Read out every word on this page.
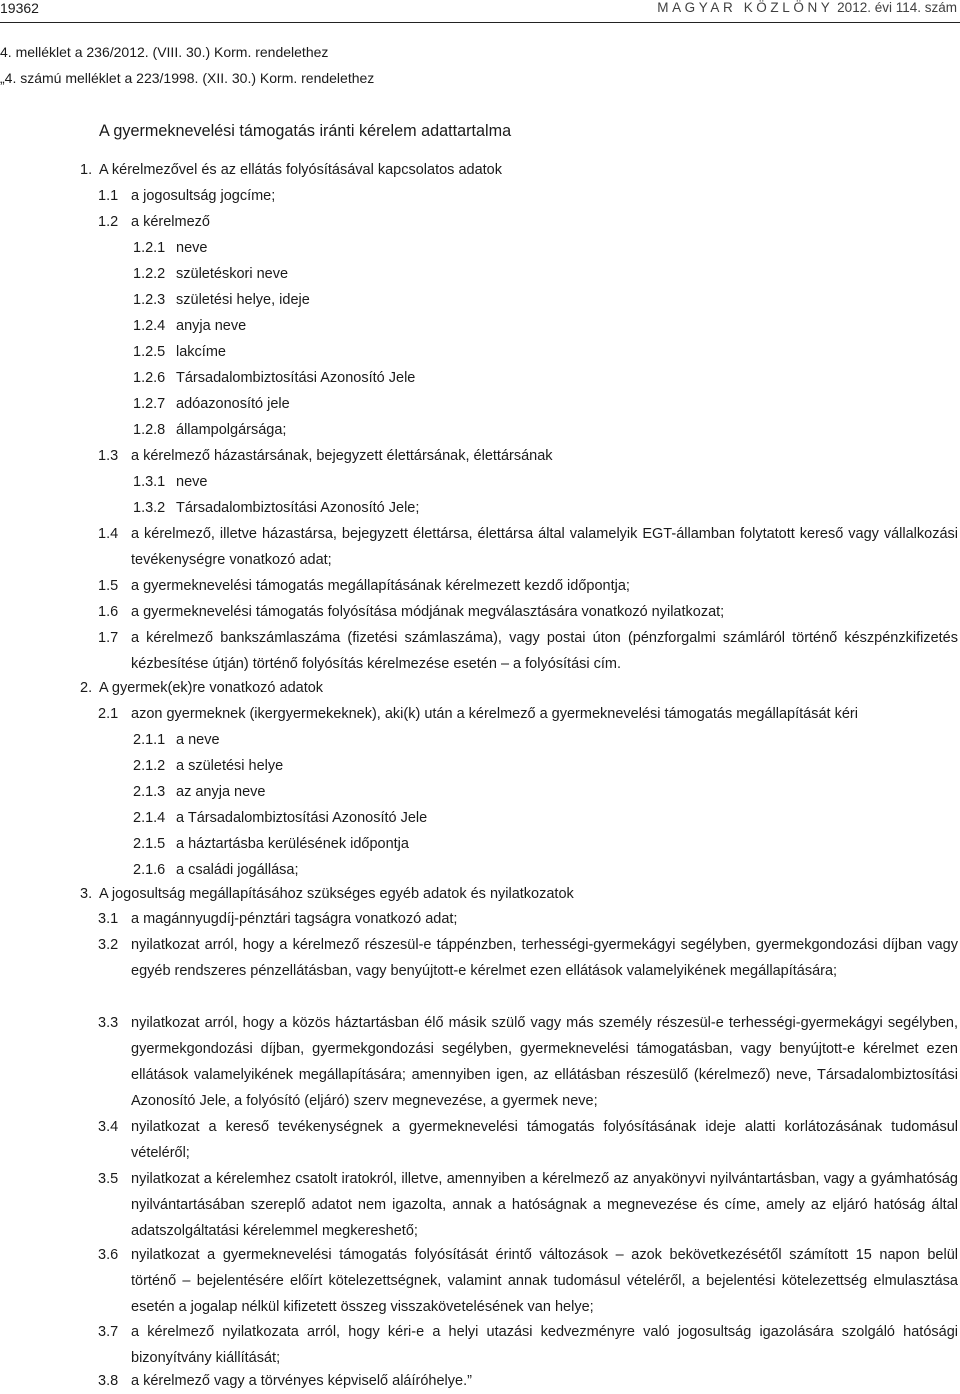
19362	MAGYAR KÖZLÖNY 2012. évi 114. szám
4. melléklet a 236/2012. (VIII. 30.) Korm. rendelethez
„4. számú melléklet a 223/1998. (XII. 30.) Korm. rendelethez
A gyermeknevelési támogatás iránti kérelem adattartalma
1. A kérelmezővel és az ellátás folyósításával kapcsolatos adatok
1.1 a jogosultság jogcíme;
1.2 a kérelmező
1.2.1 neve
1.2.2 születéskori neve
1.2.3 születési helye, ideje
1.2.4 anyja neve
1.2.5 lakcíme
1.2.6 Társadalombiztosítási Azonosító Jele
1.2.7 adóazonosító jele
1.2.8 állampolgársága;
1.3 a kérelmező házastársának, bejegyzett élettársának, élettársának
1.3.1 neve
1.3.2 Társadalombiztosítási Azonosító Jele;
1.4 a kérelmező, illetve házastársa, bejegyzett élettársa, élettársa által valamelyik EGT-államban folytatott kereső vagy vállalkozási tevékenységre vonatkozó adat;
1.5 a gyermeknevelési támogatás megállapításának kérelmezett kezdő időpontja;
1.6 a gyermeknevelési támogatás folyósítása módjának megválasztására vonatkozó nyilatkozat;
1.7 a kérelmező bankszámlaszáma (fizetési számlaszáma), vagy postai úton (pénzforgalmi számláról történő készpénzkifizetés kézbesítése útján) történő folyósítás kérelmezése esetén – a folyósítási cím.
2. A gyermek(ek)re vonatkozó adatok
2.1 azon gyermeknek (ikergyermekeknek), aki(k) után a kérelmező a gyermeknevelési támogatás megállapítását kéri
2.1.1 a neve
2.1.2 a születési helye
2.1.3 az anyja neve
2.1.4 a Társadalombiztosítási Azonosító Jele
2.1.5 a háztartásba kerülésének időpontja
2.1.6 a családi jogállása;
3. A jogosultság megállapításához szükséges egyéb adatok és nyilatkozatok
3.1 a magánnyugdíj-pénztári tagságra vonatkozó adat;
3.2 nyilatkozat arról, hogy a kérelmező részesül-e táppénzben, terhességi-gyermekágyi segélyben, gyermekgondozási díjban vagy egyéb rendszeres pénzellátásban, vagy benyújtott-e kérelmet ezen ellátások valamelyikének megállapítására;
3.3 nyilatkozat arról, hogy a közös háztartásban élő másik szülő vagy más személy részesül-e terhességi-gyermekágyi segélyben, gyermekgondozási díjban, gyermekgondozási segélyben, gyermeknevelési támogatásban, vagy benyújtott-e kérelmet ezen ellátások valamelyikének megállapítására; amennyiben igen, az ellátásban részesülő (kérelmező) neve, Társadalombiztosítási Azonosító Jele, a folyósító (eljáró) szerv megnevezése, a gyermek neve;
3.4 nyilatkozat a kereső tevékenységnek a gyermeknevelési támogatás folyósításának ideje alatti korlátozásának tudomásul vételéről;
3.5 nyilatkozat a kérelemhez csatolt iratokról, illetve, amennyiben a kérelmező az anyakönyvi nyilvántartásban, vagy a gyámhatóság nyilvántartásában szereplő adatot nem igazolta, annak a hatóságnak a megnevezése és címe, amely az eljáró hatóság által adatszolgáltatási kérelemmel megkereshető;
3.6 nyilatkozat a gyermeknevelési támogatás folyósítását érintő változások – azok bekövetkezésétől számított 15 napon belül történő – bejelentésére előírt kötelezettségnek, valamint annak tudomásul vételéről, a bejelentési kötelezettség elmulasztása esetén a jogalap nélkül kifizetett összeg visszakövetelésének van helye;
3.7 a kérelmező nyilatkozata arról, hogy kéri-e a helyi utazási kedvezményre való jogosultság igazolására szolgáló hatósági bizonyítvány kiállítását;
3.8 a kérelmező vagy a törvényes képviselő aláíróhelye.”
